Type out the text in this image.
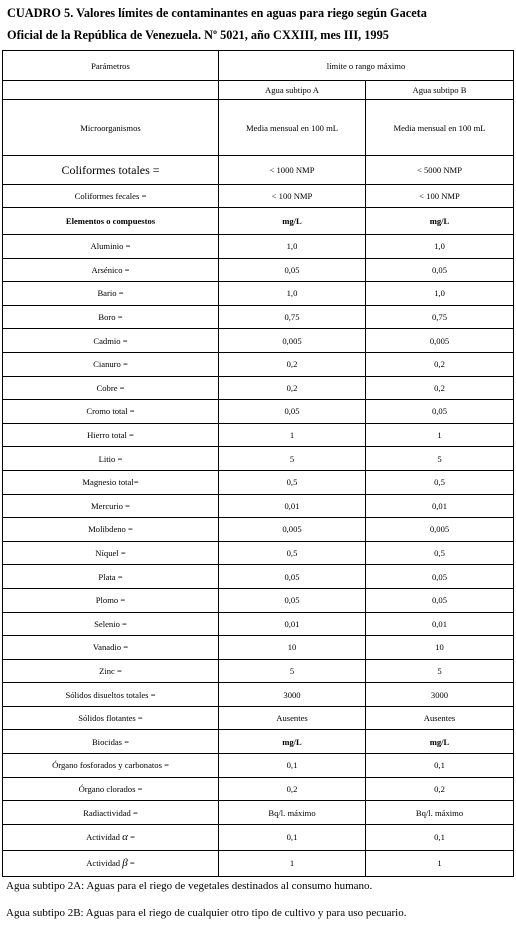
CUADRO 5. Valores límites de contaminantes en aguas para riego según Gaceta
Oficial de la República de Venezuela. Nº 5021, año CXXIII, mes III, 1995
Parámetros	límite o rango máximo	
	Agua subtipo A	Agua subtipo B
Microorganismos	Media mensual en 100 mL	Media mensual en 100 mL
Coliformes totales =	< 1000 NMP	< 5000 NMP
Coliformes fecales =	< 100 NMP	< 100 NMP
Elementos o compuestos	mg/L	mg/L
Aluminio =	1,0	1,0
Arsénico =	0,05	0,05
Bario =	1,0	1,0
Boro =	0,75	0,75
Cadmio =	0,005	0,005
Cianuro =	0,2	0,2
Cobre =	0,2	0,2
Cromo total =	0,05	0,05
Hierro total =	1	1
Litio =	5	5
Magnesio total=	0,5	0,5
Mercurio =	0,01	0,01
Molibdeno =	0,005	0,005
Níquel =	0,5	0,5
Plata =	0,05	0,05
Plomo =	0,05	0,05
Selenio =	0,01	0,01
Vanadio =	10	10
Zinc =	5	5
Sólidos disueltos totales =	3000	3000
Sólidos flotantes =	Ausentes	Ausentes
Biocidas =	mg/L	mg/L
Órgano fosforados y carbonatos =	0,1	0,1
Órgano clorados =	0,2	0,2
Radiactividad =	Bq/l. máximo	Bq/l. máximo
Actividad α =	0,1	0,1
Actividad β =	1	1
Agua subtipo 2A: Aguas para el riego de vegetales destinados al consumo humano.
Agua subtipo 2B: Aguas para el riego de cualquier otro tipo de cultivo y para uso pecuario.
